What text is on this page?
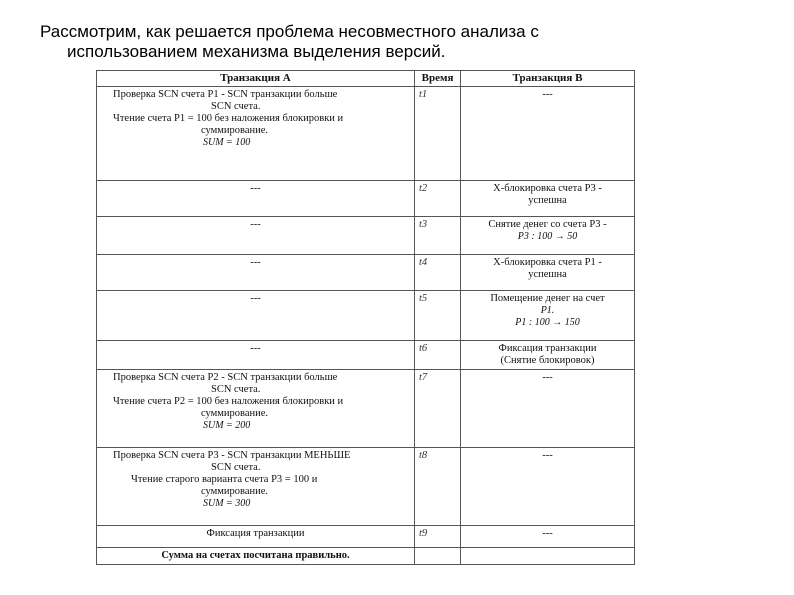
Рассмотрим, как решается проблема несовместного анализа с
использованием механизма выделения версий.
Транзакция А	Время	Транзакция В

Проверка SCN счета P1 - SCN транзакции больше
SCN счета.
Чтение счета P1 = 100 без наложения блокировки и
суммирование.
SUM = 100	t1	---
---	t2	X-блокировка счета P3 -
успешна

---	t3	Снятие денег со счета P3 -
P3 : 100 → 50

---	t4	X-блокировка счета P1 -
успешна

---	t5	Помещение денег на счет
P1.
P1 : 100 → 150

---	t6	Фиксация транзакции
(Снятие блокировок)

Проверка SCN счета P2 - SCN транзакции больше
SCN счета.
Чтение счета P2 = 100 без наложения блокировки и
суммирование.
SUM = 200	t7	---

Проверка SCN счета P3 - SCN транзакции МЕНЬШЕ
SCN счета.
Чтение старого варианта счета P3 = 100 и
суммирование.
SUM = 300	t8	---
Фиксация транзакции	t9	---
Сумма на счетах посчитана правильно.		
